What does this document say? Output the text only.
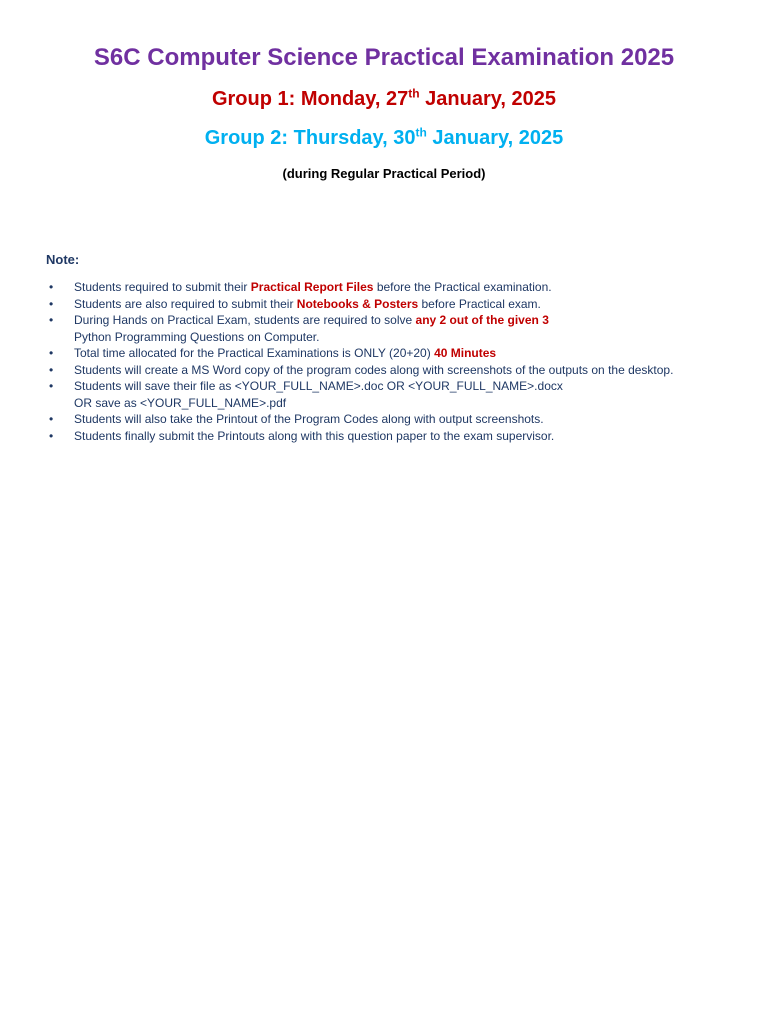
S6C Computer Science Practical Examination 2025
Group 1: Monday, 27th January, 2025
Group 2: Thursday, 30th January, 2025
(during Regular Practical Period)
Note:
• Students required to submit their Practical Report Files before the Practical examination.
• Students are also required to submit their Notebooks & Posters before Practical exam.
• During Hands on Practical Exam, students are required to solve any 2 out of the given 3
Python Programming Questions on Computer.
• Total time allocated for the Practical Examinations is ONLY (20+20) 40 Minutes
• Students will create a MS Word copy of the program codes along with screenshots of the outputs on the desktop.
• Students will save their file as <YOUR_FULL_NAME>.doc OR <YOUR_FULL_NAME>.docx
OR save as <YOUR_FULL_NAME>.pdf
• Students will also take the Printout of the Program Codes along with output screenshots.
• Students finally submit the Printouts along with this question paper to the exam supervisor.
